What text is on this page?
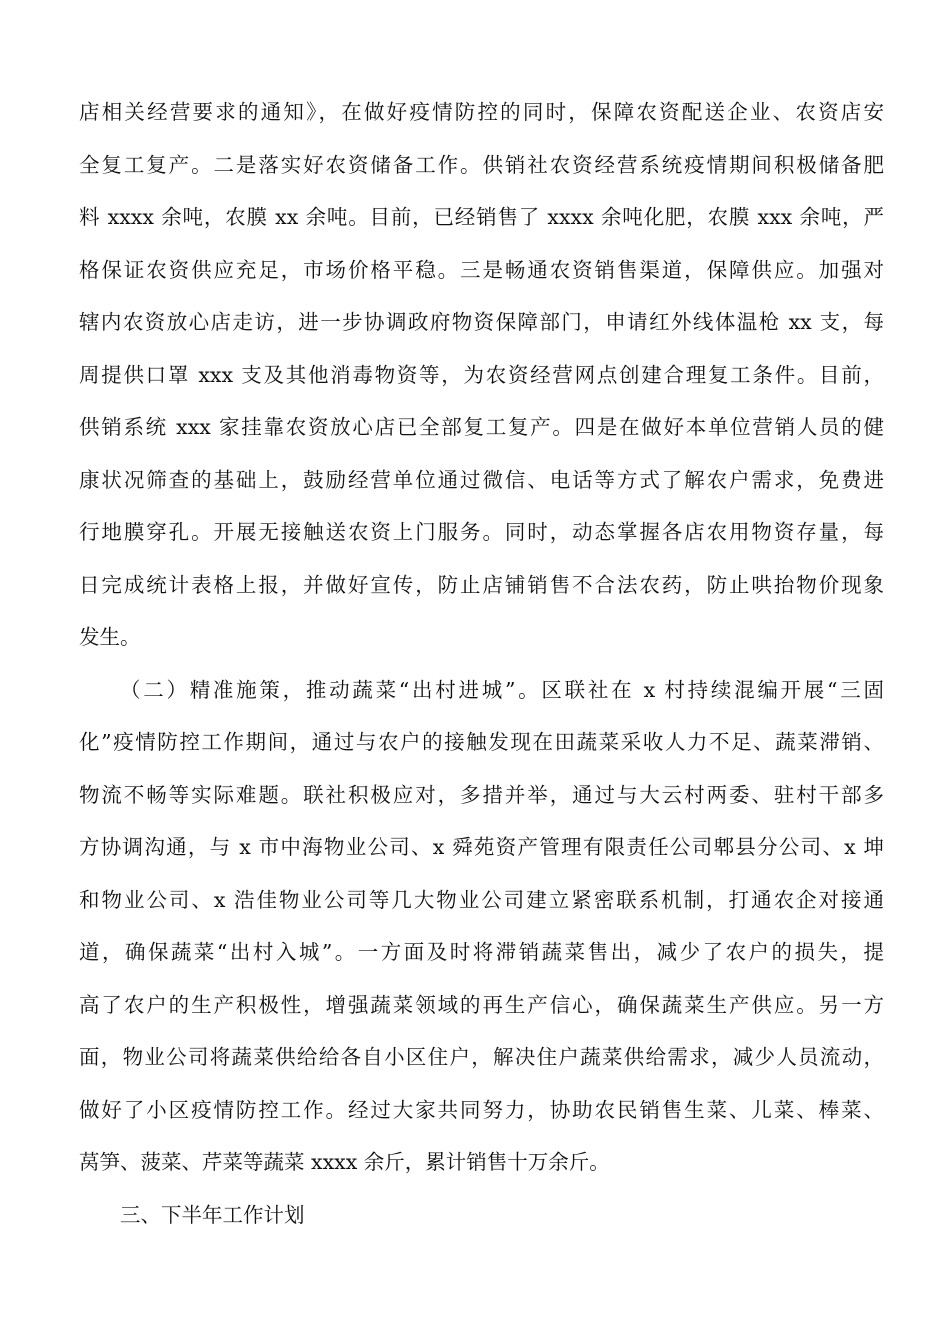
店相关经营要求的通知》，在做好疫情防控的同时，保障农资配送企业、农资店安
全复工复产。二是落实好农资储备工作。供销社农资经营系统疫情期间积极储备肥
料 xxxx 余吨，农膜 xx 余吨。目前，已经销售了 xxxx 余吨化肥，农膜 xxx 余吨，严
格保证农资供应充足，市场价格平稳。三是畅通农资销售渠道，保障供应。加强对
辖内农资放心店走访，进一步协调政府物资保障部门，申请红外线体温枪 xx 支，每
周提供口罩 xxx 支及其他消毒物资等，为农资经营网点创建合理复工条件。目前，
供销系统 xxx 家挂靠农资放心店已全部复工复产。四是在做好本单位营销人员的健
康状况筛查的基础上，鼓励经营单位通过微信、电话等方式了解农户需求，免费进
行地膜穿孔。开展无接触送农资上门服务。同时，动态掌握各店农用物资存量，每
日完成统计表格上报，并做好宣传，防止店铺销售不合法农药，防止哄抬物价现象
发生。
（二）精准施策，推动蔬菜“出村进城”。区联社在 x 村持续混编开展“三固
化”疫情防控工作期间，通过与农户的接触发现在田蔬菜采收人力不足、蔬菜滞销、
物流不畅等实际难题。联社积极应对，多措并举，通过与大云村两委、驻村干部多
方协调沟通，与 x 市中海物业公司、x 舜苑资产管理有限责任公司郫县分公司、x 坤
和物业公司、x 浩佳物业公司等几大物业公司建立紧密联系机制，打通农企对接通
道，确保蔬菜“出村入城”。一方面及时将滞销蔬菜售出，减少了农户的损失，提
高了农户的生产积极性，增强蔬菜领域的再生产信心，确保蔬菜生产供应。另一方
面，物业公司将蔬菜供给给各自小区住户，解决住户蔬菜供给需求，减少人员流动，
做好了小区疫情防控工作。经过大家共同努力，协助农民销售生菜、儿菜、棒菜、
莴笋、菠菜、芹菜等蔬菜 xxxx 余斤，累计销售十万余斤。
三、下半年工作计划
